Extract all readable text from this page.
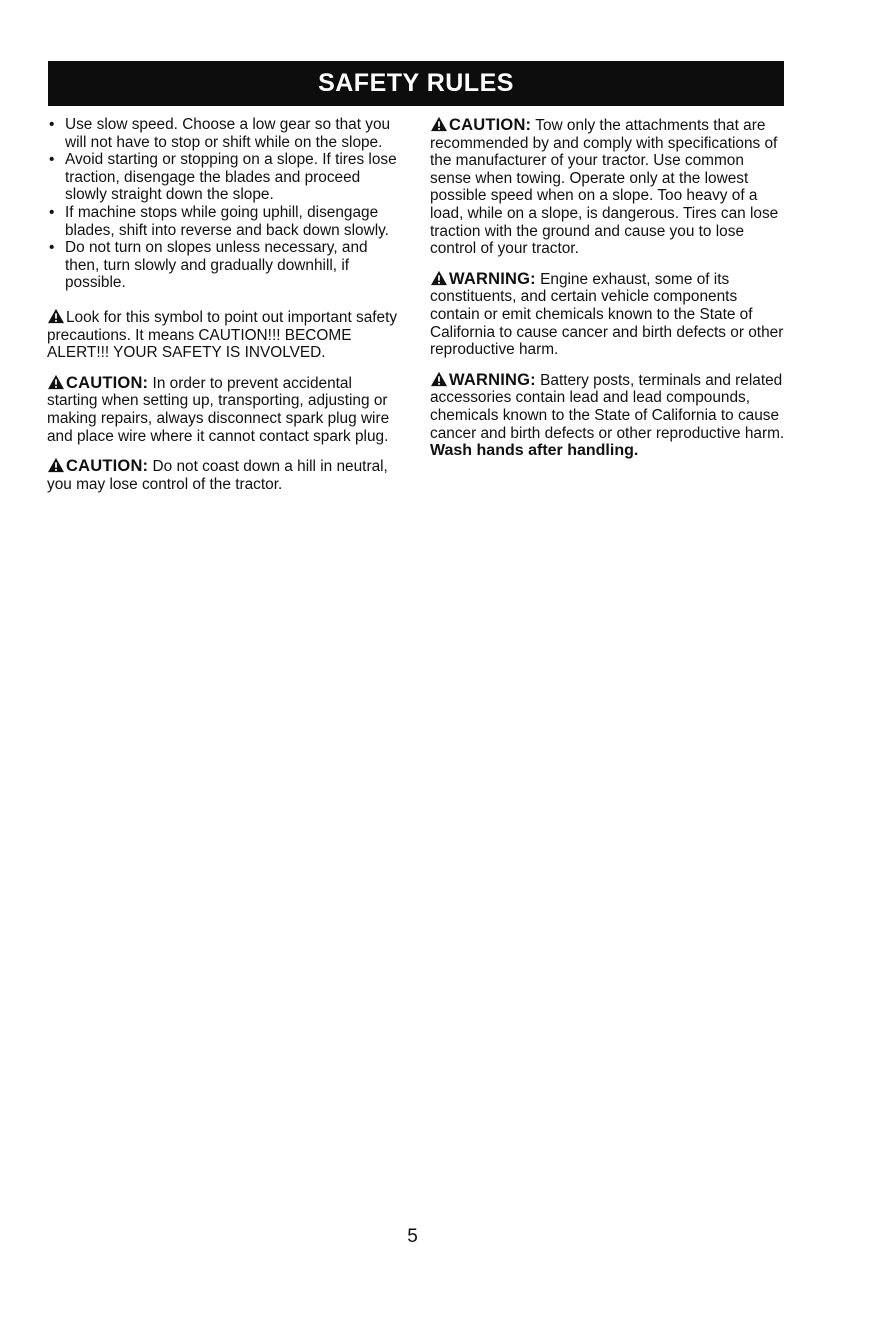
SAFETY RULES
• Use slow speed. Choose a low gear so that you will not have to stop or shift while on the slope.
• Avoid starting or stopping on a slope. If tires lose traction, disengage the blades and proceed slowly straight down the slope.
• If machine stops while going uphill, disengage blades, shift into reverse and back down slowly.
• Do not turn on slopes unless necessary, and then, turn slowly and gradually downhill, if possible.

Look for this symbol to point out important safety precautions. It means CAUTION!!! BECOME ALERT!!! YOUR SAFETY IS INVOLVED.

CAUTION: In order to prevent accidental starting when setting up, transporting, adjusting or making repairs, always disconnect spark plug wire and place wire where it cannot contact spark plug.

CAUTION: Do not coast down a hill in neutral, you may lose control of the tractor.

CAUTION: Tow only the attachments that are recommended by and comply with specifications of the manufacturer of your tractor. Use common sense when towing. Operate only at the lowest possible speed when on a slope. Too heavy of a load, while on a slope, is dangerous. Tires can lose traction with the ground and cause you to lose control of your tractor.

WARNING: Engine exhaust, some of its constituents, and certain vehicle components contain or emit chemicals known to the State of California to cause cancer and birth defects or other reproductive harm.

WARNING: Battery posts, terminals and related accessories contain lead and lead compounds, chemicals known to the State of California to cause cancer and birth defects or other reproductive harm.

Wash hands after handling.
5
